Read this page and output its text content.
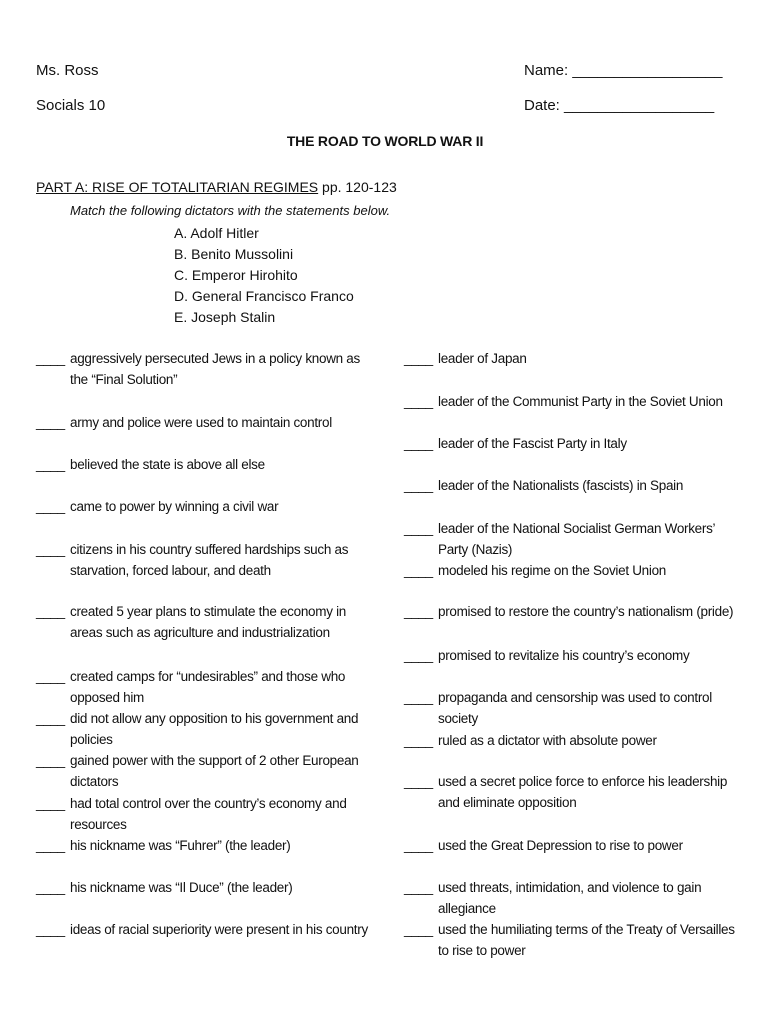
Ms. Ross
Socials 10
Name: __________________
Date: __________________
THE ROAD TO WORLD WAR II
PART A: RISE OF TOTALITARIAN REGIMES pp. 120-123
Match the following dictators with the statements below.
A. Adolf Hitler
B. Benito Mussolini
C. Emperor Hirohito
D. General Francisco Franco
E. Joseph Stalin
____ aggressively persecuted Jews in a policy known as the “Final Solution”
____ army and police were used to maintain control
____ believed the state is above all else
____ came to power by winning a civil war
____ citizens in his country suffered hardships such as starvation, forced labour, and death
____ created 5 year plans to stimulate the economy in areas such as agriculture and industrialization
____ created camps for “undesirables” and those who opposed him
____ did not allow any opposition to his government and policies
____ gained power with the support of 2 other European dictators
____ had total control over the country’s economy and resources
____ his nickname was “Fuhrer” (the leader)
____ his nickname was “Il Duce” (the leader)
____ ideas of racial superiority were present in his country
____ leader of Japan
____ leader of the Communist Party in the Soviet Union
____ leader of the Fascist Party in Italy
____ leader of the Nationalists (fascists) in Spain
____ leader of the National Socialist German Workers’ Party (Nazis)
____ modeled his regime on the Soviet Union
____ promised to restore the country’s nationalism (pride)
____ promised to revitalize his country’s economy
____ propaganda and censorship was used to control society
____ ruled as a dictator with absolute power
____ used a secret police force to enforce his leadership and eliminate opposition
____ used the Great Depression to rise to power
____ used threats, intimidation, and violence to gain allegiance
____ used the humiliating terms of the Treaty of Versailles to rise to power
